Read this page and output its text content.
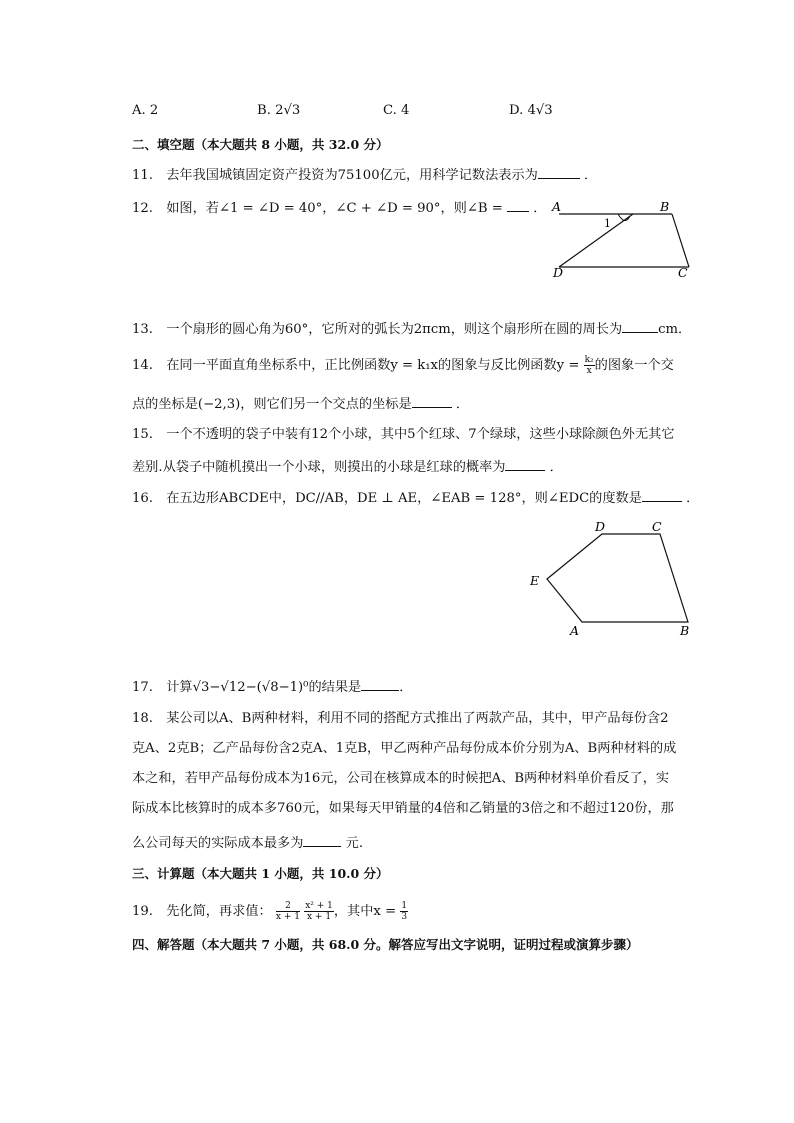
A. 2	B. 2√3	C. 4	D. 4√3
二、填空题（本大题共 8 小题，共 32.0 分）
11. 去年我国城镇固定资产投资为75100亿元，用科学记数法表示为	．
12. 如图，若∠1 = ∠D = 40°，∠C + ∠D = 90°，则∠B = ． A	B
C
D
1
13. 一个扇形的圆心角为60°，它所对的弧长为2πcm，则这个扇形所在圆的周长为	cm．
14. 在同一平面直角坐标系中，正比例函数y = k₁x的图象与反比例函数$y = \frac{\text{k₂}}{x}$ 的图象一个交
点的坐标是(−2,3)，则它们另一个交点的坐标是	．
15. 一个不透明的袋子中装有12个小球，其中5个红球、7个绿球，这些小球除颜色外无其它
差别.从袋子中随机摸出一个小球，则摸出的小球是红球的概率为	．
16. 在五边形ABCDE中，DC//AB，DE ⊥ AE，∠EAB = 128°，则∠EDC的度数是	．
D	C
E
A	B
17. 计算√3−√12−(√8−1)⁰的结果是	．
18. 某公司以A、B两种材料，利用不同的搭配方式推出了两款产品，其中，甲产品每份含2
克A、2克B；乙产品每份含2克A、1克B，甲乙两种产品每份成本价分别为A、B两种材料的成
本之和，若甲产品每份成本为16元，公司在核算成本的时候把A、B两种材料单价看反了，实
际成本比核算时的成本多760元，如果每天甲销量的4倍和乙销量的3倍之和不超过120份，那
么公司每天的实际成本最多为	元.
三、计算题（本大题共 1 小题，共 10.0 分）
19. 先化简，再求值： $\frac{2}{x + 1}$
$\frac{\text{x² + 1}}{x + 1}$ ，其中$x = \frac{1}{3}$
四、解答题（本大题共 7 小题，共 68.0 分。解答应写出文字说明，证明过程或演算步骤）
